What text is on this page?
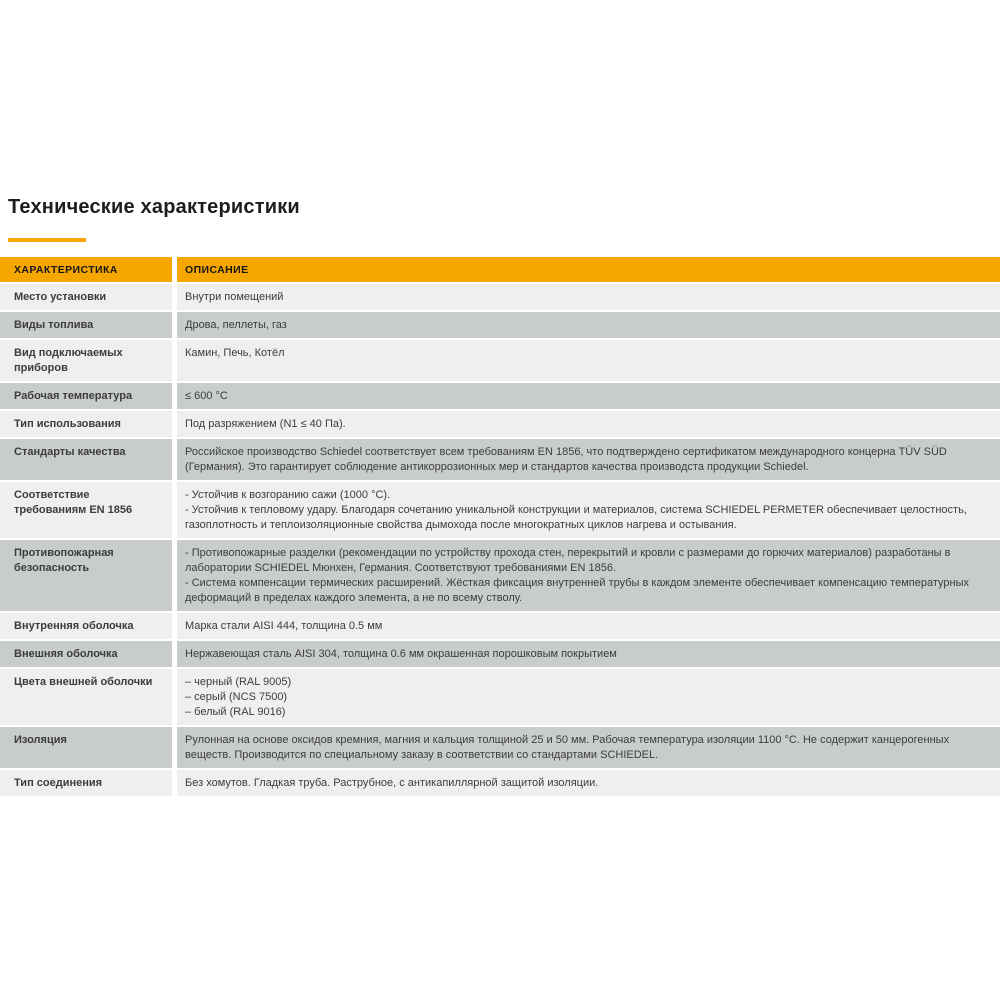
Технические характеристики
ХАРАКТЕРИСТИКА	ОПИСАНИЕ
Место установки	Внутри помещений

Виды топлива	Дрова, пеллеты, газ

Вид подключаемых приборов	Камин, Печь, Котёл

Рабочая температура	≤ 600 °C

Тип использования	Под разряжением (N1 ≤ 40 Па).

Стандарты качества	Российское производство Schiedel соответствует всем требованиям EN 1856, что подтверждено сертификатом международного концерна TÜV SÜD (Германия). Это гарантирует соблюдение антикоррозионных мер и стандартов качества производста продукции Schiedel.

Соответствие требованиям EN 1856	- Устойчив к возгоранию сажи (1000 °C).
- Устойчив к тепловому удару. Благодаря сочетанию уникальной конструкции и материалов, система SCHIEDEL PERMETER обеспечивает целостность, газоплотность и теплоизоляционные свойства дымохода после многократных циклов нагрева и остывания.

Противопожарная безопасность	- Противопожарные разделки (рекомендации по устройству прохода стен, перекрытий и кровли с размерами до горючих материалов) разработаны в лаборатории SCHIEDEL Мюнхен, Германия. Соответствуют требованиями EN 1856.
- Система компенсации термических расширений. Жёсткая фиксация внутренней трубы в каждом элементе обеспечивает компенсацию температурных деформаций в пределах каждого элемента, а не по всему стволу.

Внутренняя оболочка	Марка стали AISI 444, толщина 0.5 мм

Внешняя оболочка	Нержавеющая сталь AISI 304, толщина 0.6 мм окрашенная порошковым покрытием

Цвета внешней оболочки	– черный (RAL 9005)
– серый (NCS 7500)
– белый (RAL 9016)

Изоляция	Рулонная на основе оксидов кремния, магния и кальция толщиной 25 и 50 мм. Рабочая температура изоляции 1100 °C. Не содержит канцерогенных веществ. Производится по специальному заказу в соответствии со стандартами SCHIEDEL.

Тип соединения	Без хомутов. Гладкая труба. Раструбное, с антикапиллярной защитой изоляции.
